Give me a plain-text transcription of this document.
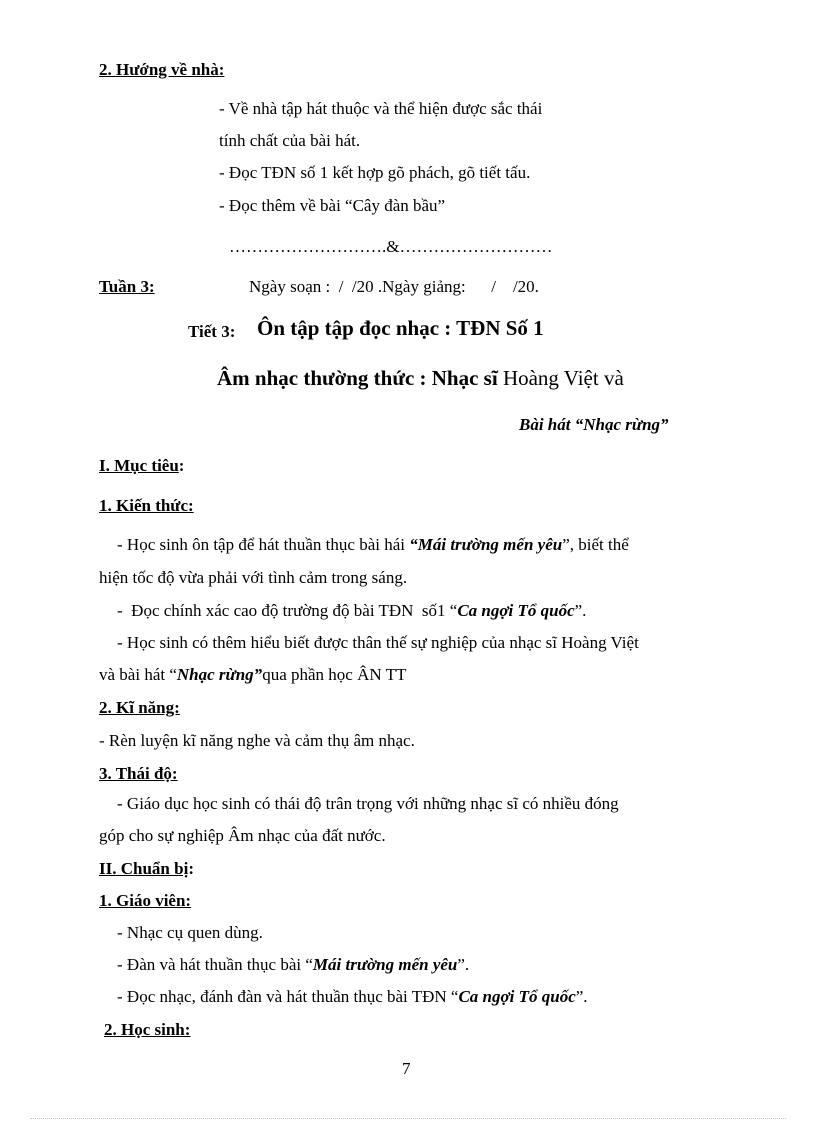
2. Hướng về nhà:
- Về nhà tập hát thuộc và thể hiện được sắc thái
tính chất của bài hát.
- Đọc TĐN số 1 kết hợp gõ phách, gõ tiết tấu.
- Đọc thêm về bài “Cây đàn bầu”
……………………….&………………………
Tuần 3:	Ngày soạn :  /  /20 .Ngày giảng:      /    /20.
Tiết 3: Ôn tập tập đọc nhạc : TĐN Số 1
Âm nhạc thường thức : Nhạc sĩ Hoàng Việt và
Bài hát “Nhạc rừng”
I. Mục tiêu:
1. Kiến thức:
- Học sinh ôn tập để hát thuần thục bài hái “Mái trường mến yêu”, biết thể
hiện tốc độ vừa phải với tình cảm trong sáng.
-  Đọc chính xác cao độ trường độ bài TĐN  số1 “Ca ngợi Tổ quốc”.
- Học sinh có thêm hiểu biết được thân thế sự nghiệp của nhạc sĩ Hoàng Việt
và bài hát “Nhạc rừng”qua phần học ÂN TT
2. Kĩ năng:
- Rèn luyện kĩ năng nghe và cảm thụ âm nhạc.
3. Thái độ:
- Giáo dục học sinh có thái độ trân trọng với những nhạc sĩ có nhiều đóng
góp cho sự nghiệp Âm nhạc của đất nước.
II. Chuẩn bị:
1. Giáo viên:
- Nhạc cụ quen dùng.
- Đàn và hát thuần thục bài “Mái trường mến yêu”.
- Đọc nhạc, đánh đàn và hát thuần thục bài TĐN “Ca ngợi Tổ quốc”.
2. Học sinh:
7
